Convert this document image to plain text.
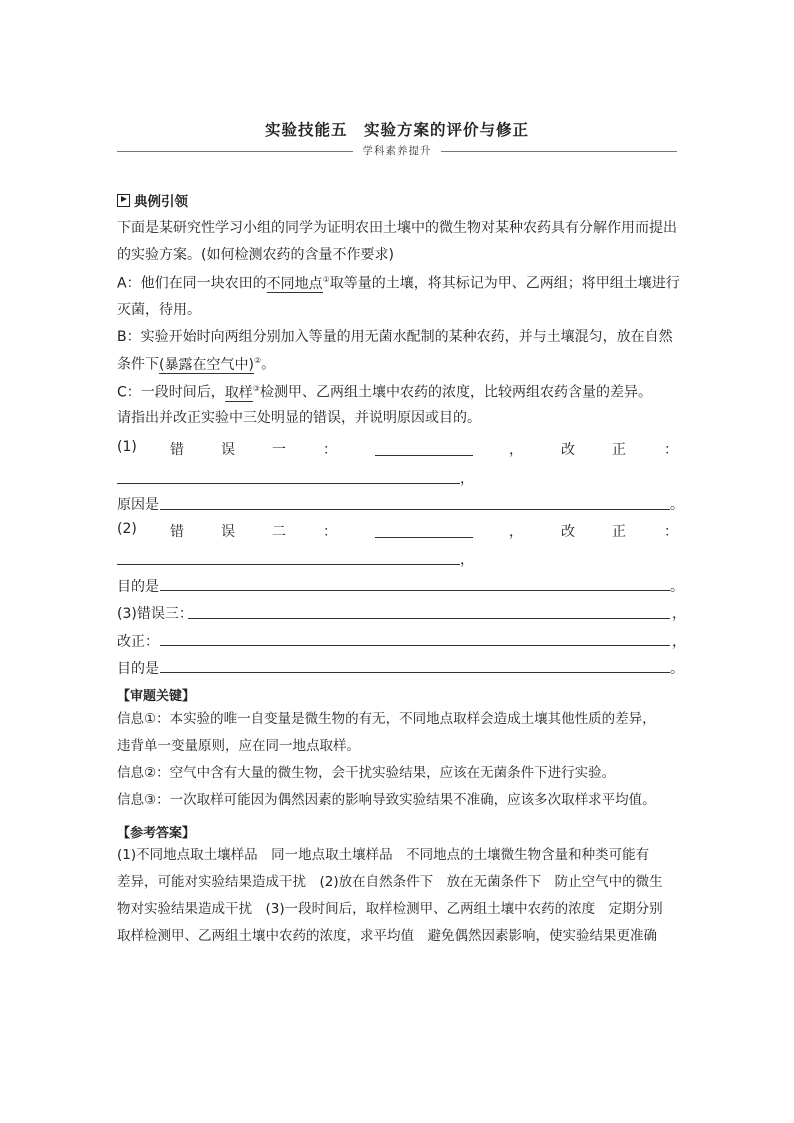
实验技能五　实验方案的评价与修正
学科素养提升
典例引领
下面是某研究性学习小组的同学为证明农田土壤中的微生物对某种农药具有分解作用而提出
的实验方案。(如何检测农药的含量不作要求)
A：他们在同一块农田的不同地点①取等量的土壤，将其标记为甲、乙两组；将甲组土壤进行
灭菌，待用。
B：实验开始时向两组分别加入等量的用无菌水配制的某种农药，并与土壤混匀，放在自然
条件下(暴露在空气中)②。
C：一段时间后，取样③检测甲、乙两组土壤中农药的浓度，比较两组农药含量的差异。
请指出并改正实验中三处明显的错误，并说明原因或目的。
(1) 错	误	一	：	，	改	正	：
，
原因是	。
(2) 错	误	二	：	，	改	正	：
，
目的是	。
(3)错误三：	，
改正：	，
目的是	。
【审题关键】
信息①：本实验的唯一自变量是微生物的有无，不同地点取样会造成土壤其他性质的差异，
违背单一变量原则，应在同一地点取样。
信息②：空气中含有大量的微生物，会干扰实验结果，应该在无菌条件下进行实验。
信息③：一次取样可能因为偶然因素的影响导致实验结果不准确，应该多次取样求平均值。
【参考答案】
(1)不同地点取土壤样品　同一地点取土壤样品　不同地点的土壤微生物含量和种类可能有
差异，可能对实验结果造成干扰　(2)放在自然条件下　放在无菌条件下　防止空气中的微生
物对实验结果造成干扰　(3)一段时间后，取样检测甲、乙两组土壤中农药的浓度　定期分别
取样检测甲、乙两组土壤中农药的浓度，求平均值　避免偶然因素影响，使实验结果更准确
